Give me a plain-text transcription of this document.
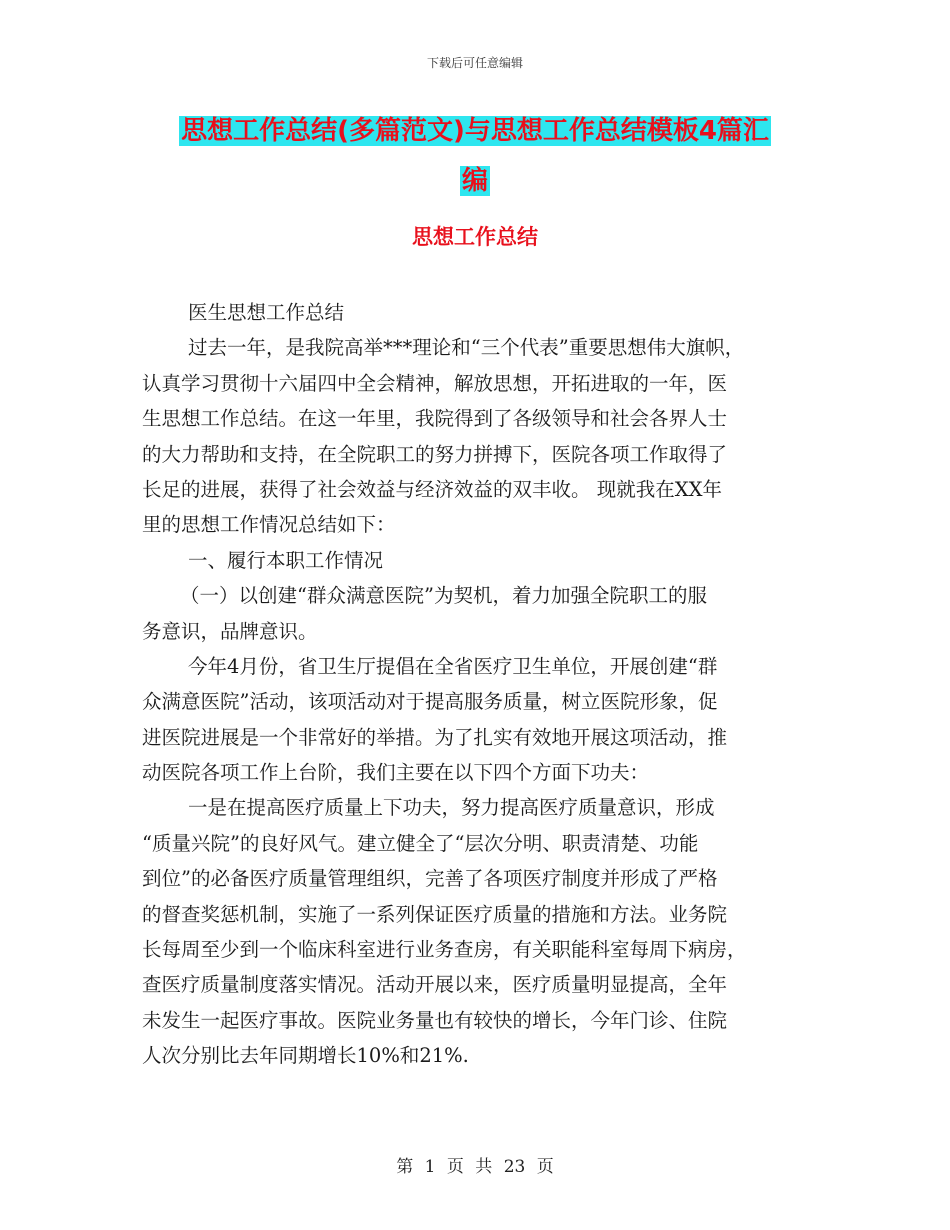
下载后可任意编辑
思想工作总结(多篇范文)与思想工作总结模板4篇汇
编
思想工作总结
医生思想工作总结
过去一年，是我院高举***理论和“三个代表”重要思想伟大旗帜，
认真学习贯彻十六届四中全会精神，解放思想，开拓进取的一年，医
生思想工作总结。在这一年里，我院得到了各级领导和社会各界人士
的大力帮助和支持，在全院职工的努力拼搏下，医院各项工作取得了
长足的进展，获得了社会效益与经济效益的双丰收。 现就我在XX年
里的思想工作情况总结如下：
一、履行本职工作情况
（一）以创建“群众满意医院”为契机，着力加强全院职工的服
务意识，品牌意识。
今年4月份，省卫生厅提倡在全省医疗卫生单位，开展创建“群
众满意医院”活动，该项活动对于提高服务质量，树立医院形象，促
进医院进展是一个非常好的举措。为了扎实有效地开展这项活动，推
动医院各项工作上台阶，我们主要在以下四个方面下功夫：
一是在提高医疗质量上下功夫，努力提高医疗质量意识，形成
“质量兴院”的良好风气。建立健全了“层次分明、职责清楚、功能
到位”的必备医疗质量管理组织，完善了各项医疗制度并形成了严格
的督查奖惩机制，实施了一系列保证医疗质量的措施和方法。业务院
长每周至少到一个临床科室进行业务查房，有关职能科室每周下病房，
查医疗质量制度落实情况。活动开展以来，医疗质量明显提高，全年
未发生一起医疗事故。医院业务量也有较快的增长，今年门诊、住院
人次分别比去年同期增长10%和21%.
第 1 页 共 23 页
